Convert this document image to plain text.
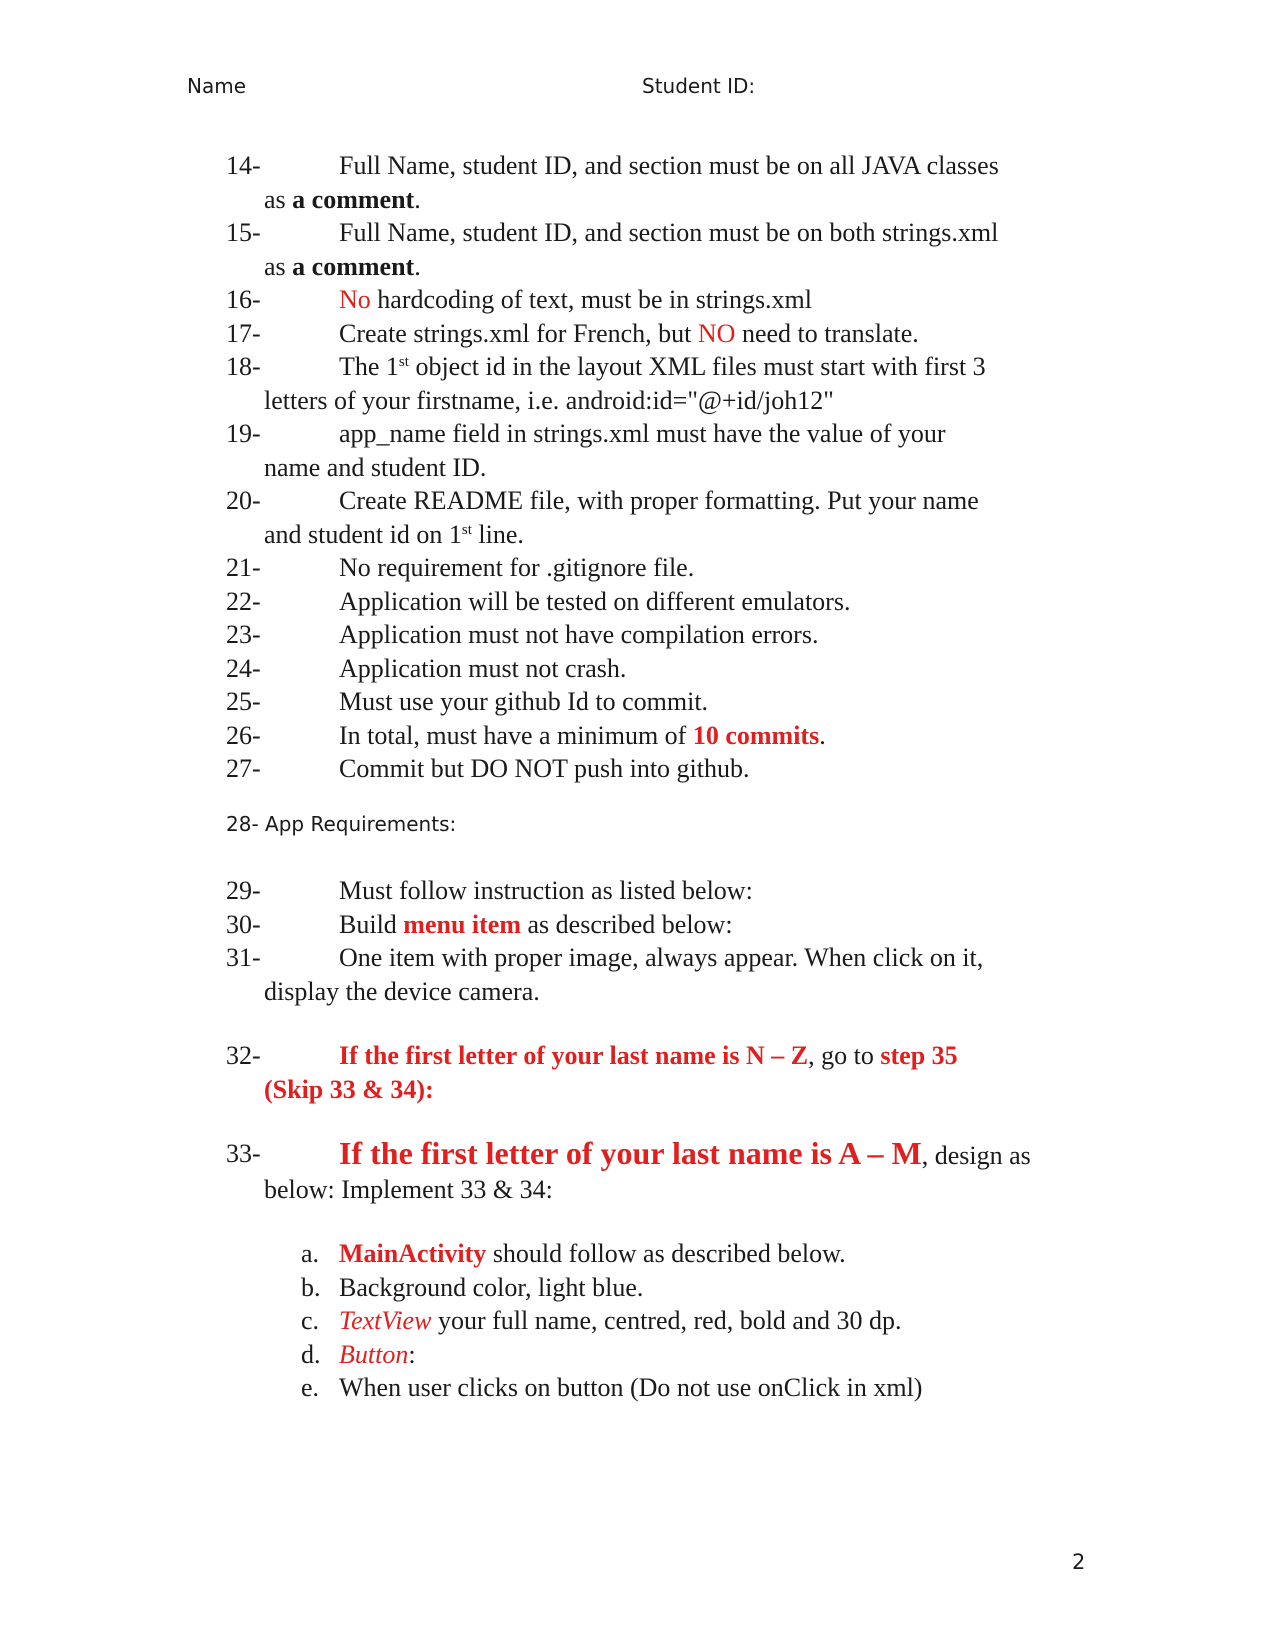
Name	Student ID:
14-	Full Name, student ID, and section must be on all JAVA classes
as a comment.
15-	Full Name, student ID, and section must be on both strings.xml
as a comment.
16-	No hardcoding of text, must be in strings.xml
17-	Create strings.xml for French, but NO need to translate.
18-	The 1st object id in the layout XML files must start with first 3
letters of your firstname, i.e. android:id="@+id/joh12"
19-	app_name field in strings.xml must have the value of your
name and student ID.
20-	Create README file, with proper formatting. Put your name
and student id on 1st line.
21-	No requirement for .gitignore file.
22-	Application will be tested on different emulators.
23-	Application must not have compilation errors.
24-	Application must not crash.
25-	Must use your github Id to commit.
26-	In total, must have a minimum of 10 commits.
27-	Commit but DO NOT push into github.
28- App Requirements:
29-	Must follow instruction as listed below:
30-	Build menu item as described below:
31-	One item with proper image, always appear. When click on it,
display the device camera.
32-	If the first letter of your last name is N – Z, go to step 35
(Skip 33 & 34):
33-	If the first letter of your last name is A – M, design as
below: Implement 33 & 34:
a. MainActivity should follow as described below.
b. Background color, light blue.
c. TextView your full name, centred, red, bold and 30 dp.
d. Button:
e. When user clicks on button (Do not use onClick in xml)
2
